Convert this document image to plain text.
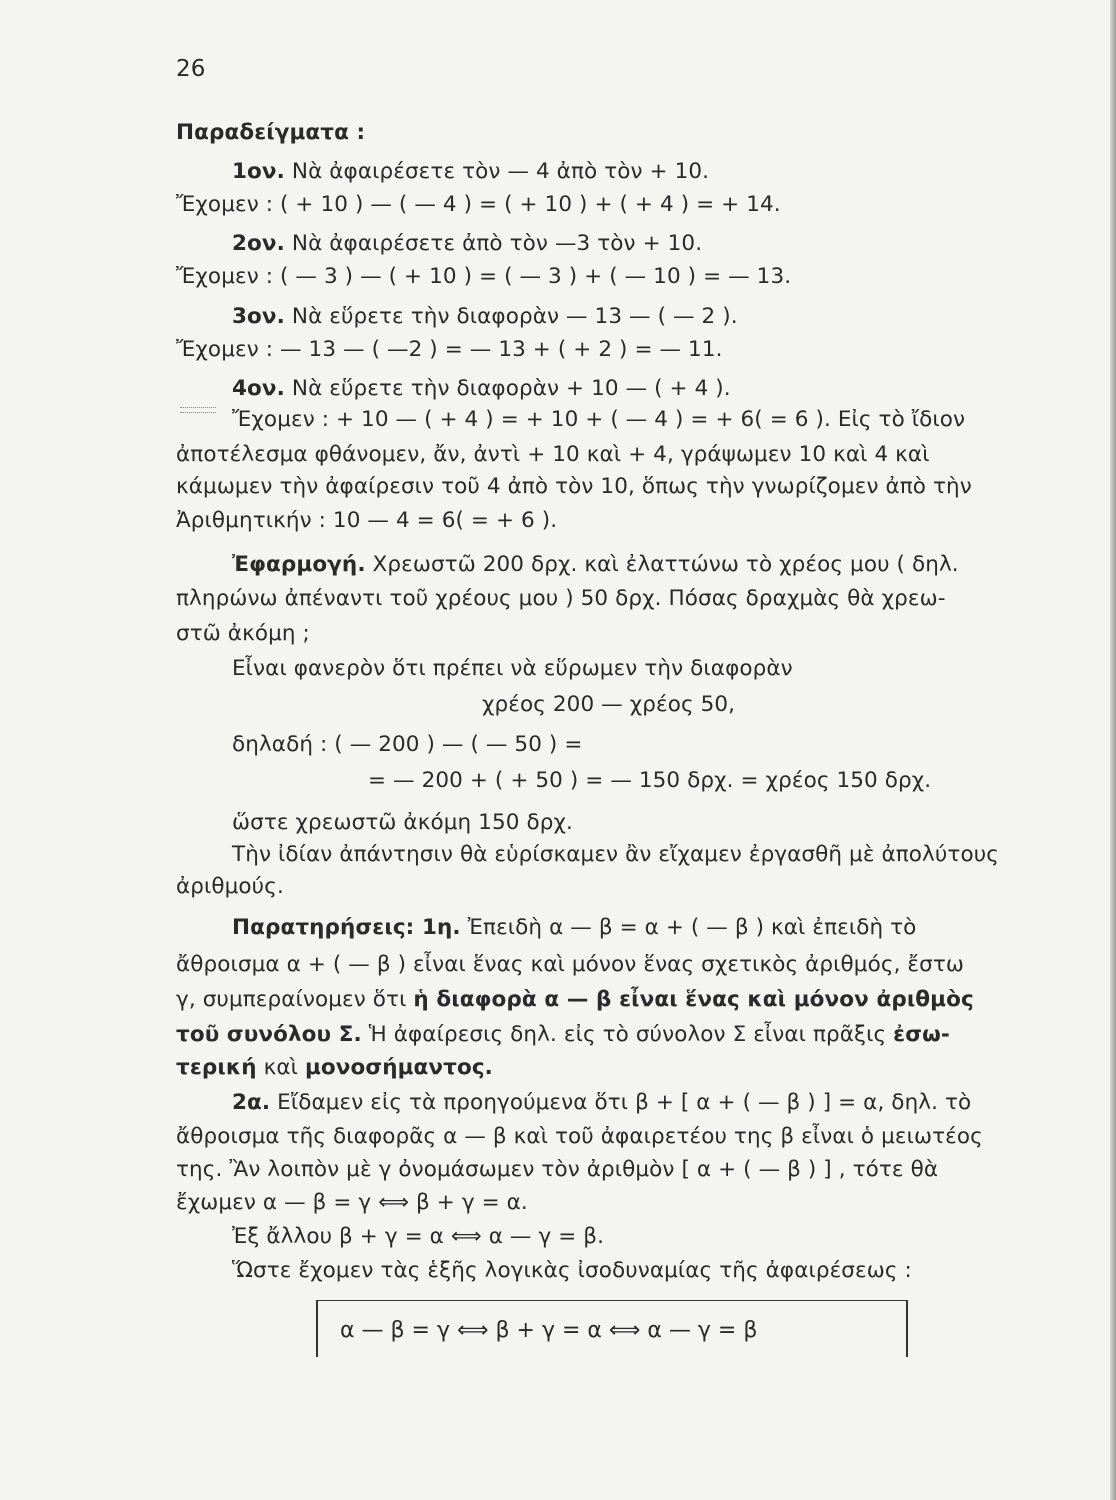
26
Παραδείγματα :
1ον. Νὰ ἀφαιρέσετε τὸν — 4 ἀπὸ τὸν + 10.
Ἔχομεν : ( + 10 ) — ( — 4 ) = ( + 10 ) + ( + 4 ) = + 14.
2ον. Νὰ ἀφαιρέσετε ἀπὸ τὸν —3 τὸν + 10.
Ἔχομεν : ( — 3 ) — ( + 10 ) = ( — 3 ) + ( — 10 ) = — 13.
3ον. Νὰ εὕρετε τὴν διαφορὰν — 13 — ( — 2 ).
Ἔχομεν : — 13 — ( —2 ) = — 13 + ( + 2 ) = — 11.
4ον. Νὰ εὕρετε τὴν διαφορὰν + 10 — ( + 4 ).
Ἔχομεν : + 10 — ( + 4 ) = + 10 + ( — 4 ) = + 6( = 6 ). Εἰς τὸ ἴδιον
ἀποτέλεσμα φθάνομεν, ἄν, ἀντὶ + 10 καὶ + 4, γράψωμεν 10 καὶ 4 καὶ
κάμωμεν τὴν ἀφαίρεσιν τοῦ 4 ἀπὸ τὸν 10, ὅπως τὴν γνωρίζομεν ἀπὸ τὴν
Ἀριθμητικήν : 10 — 4 = 6( = + 6 ).
Ἐφαρμογή. Χρεωστῶ 200 δρχ. καὶ ἐλαττώνω τὸ χρέος μου ( δηλ.
πληρώνω ἀπέναντι τοῦ χρέους μου ) 50 δρχ. Πόσας δραχμὰς θὰ χρεω-
στῶ ἀκόμη ;
Εἶναι φανερὸν ὅτι πρέπει νὰ εὕρωμεν τὴν διαφορὰν
χρέος 200 — χρέος 50,
δηλαδή : ( — 200 ) — ( — 50 ) =
= — 200 + ( + 50 ) = — 150 δρχ. = χρέος 150 δρχ.
ὥστε χρεωστῶ ἀκόμη 150 δρχ.
Τὴν ἰδίαν ἀπάντησιν θὰ εὑρίσκαμεν ἂν εἴχαμεν ἐργασθῆ μὲ ἀπολύτους
ἀριθμούς.
Παρατηρήσεις: 1η. Ἐπειδὴ α — β = α + ( — β ) καὶ ἐπειδὴ τὸ
ἄθροισμα α + ( — β ) εἶναι ἕνας καὶ μόνον ἕνας σχετικὸς ἀριθμός, ἔστω
γ, συμπεραίνομεν ὅτι ἡ διαφορὰ α — β εἶναι ἕνας καὶ μόνον ἀριθμὸς
τοῦ συνόλου Σ. Ἡ ἀφαίρεσις δηλ. εἰς τὸ σύνολον Σ εἶναι πρᾶξις ἐσω-
τερική καὶ μονοσήμαντος.
2α. Εἴδαμεν εἰς τὰ προηγούμενα ὅτι β + [ α + ( — β ) ] = α, δηλ. τὸ
ἄθροισμα τῆς διαφορᾶς α — β καὶ τοῦ ἀφαιρετέου της β εἶναι ὁ μειωτέος
της. Ἂν λοιπὸν μὲ γ ὀνομάσωμεν τὸν ἀριθμὸν [ α + ( — β ) ] , τότε θὰ
ἔχωμεν α — β = γ ⟺ β + γ = α.
Ἐξ ἄλλου β + γ = α ⟺ α — γ = β.
Ὥστε ἔχομεν τὰς ἑξῆς λογικὰς ἰσοδυναμίας τῆς ἀφαιρέσεως :
α — β = γ ⟺ β + γ = α ⟺ α — γ = β
